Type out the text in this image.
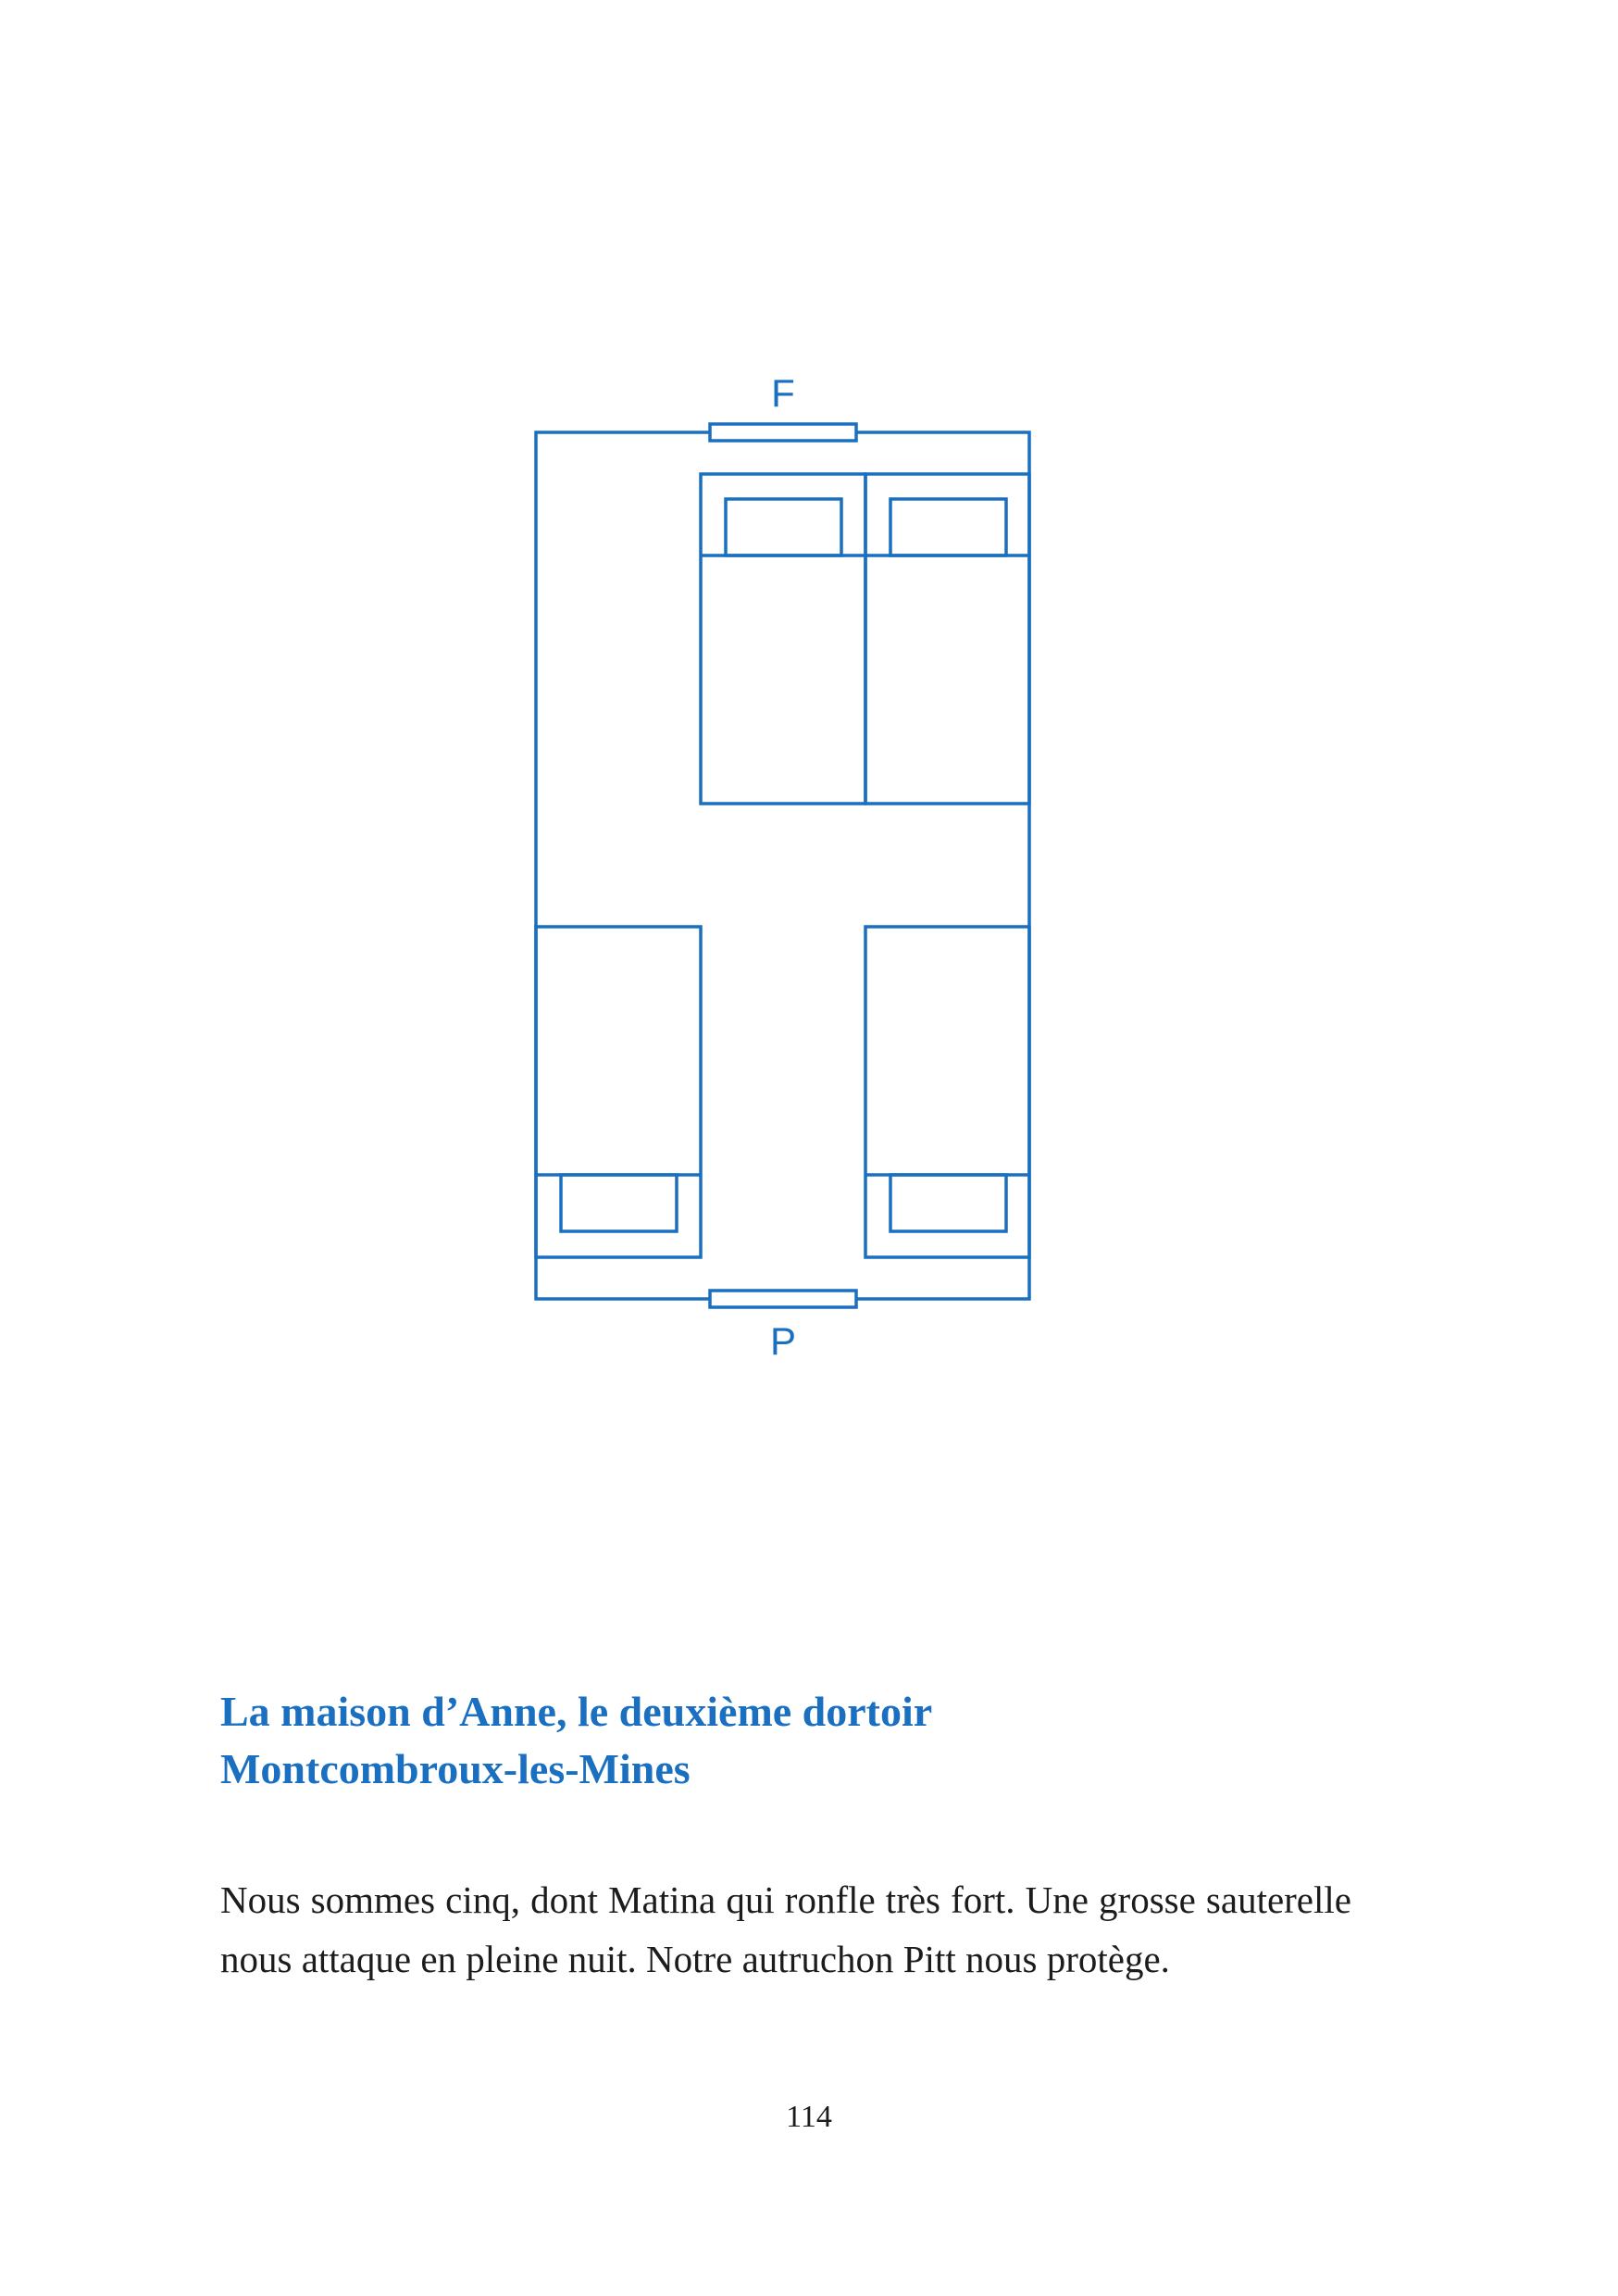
F
P
La maison d’Anne, le deuxième dortoir
Montcombroux-les-Mines

Nous sommes cinq, dont Matina qui ronfle très fort. Une grosse sauterelle nous attaque en pleine nuit. Notre autruchon Pitt nous protège.

114
